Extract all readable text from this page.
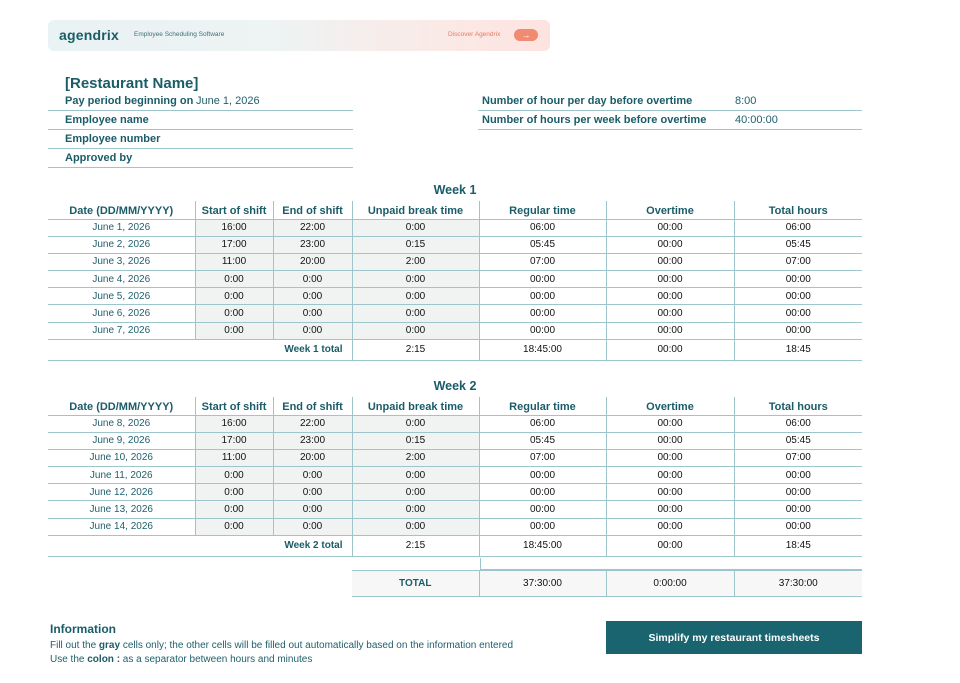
agendrix Employee Scheduling Software	Discover Agendrix	→
[Restaurant Name]
Pay period beginning on June 1, 2026
Employee name
Employee number
Approved by
Number of hour per day before overtime	8:00
Number of hours per week before overtime	40:00:00
Week 1
Date (DD/MM/YYYY)	Start of shift	End of shift	Unpaid break time	Regular time	Overtime	Total hours
June 1, 2026	16:00	22:00	0:00	06:00	00:00	06:00
June 2, 2026	17:00	23:00	0:15	05:45	00:00	05:45
June 3, 2026	11:00	20:00	2:00	07:00	00:00	07:00
June 4, 2026	0:00	0:00	0:00	00:00	00:00	00:00
June 5, 2026	0:00	0:00	0:00	00:00	00:00	00:00
June 6, 2026	0:00	0:00	0:00	00:00	00:00	00:00
June 7, 2026	0:00	0:00	0:00	00:00	00:00	00:00
Week 1 total			2:15	18:45:00	00:00	18:45
Week 2
Date (DD/MM/YYYY)	Start of shift	End of shift	Unpaid break time	Regular time	Overtime	Total hours
June 8, 2026	16:00	22:00	0:00	06:00	00:00	06:00
June 9, 2026	17:00	23:00	0:15	05:45	00:00	05:45
June 10, 2026	11:00	20:00	2:00	07:00	00:00	07:00
June 11, 2026	0:00	0:00	0:00	00:00	00:00	00:00
June 12, 2026	0:00	0:00	0:00	00:00	00:00	00:00
June 13, 2026	0:00	0:00	0:00	00:00	00:00	00:00
June 14, 2026	0:00	0:00	0:00	00:00	00:00	00:00
Week 2 total			2:15	18:45:00	00:00	18:45
TOTAL	37:30:00	0:00:00	37:30:00
Information

Fill out the gray cells only; the other cells will be filled out automatically based on the information entered

Use the colon : as a separator between hours and minutes

Simplify my restaurant timesheets
